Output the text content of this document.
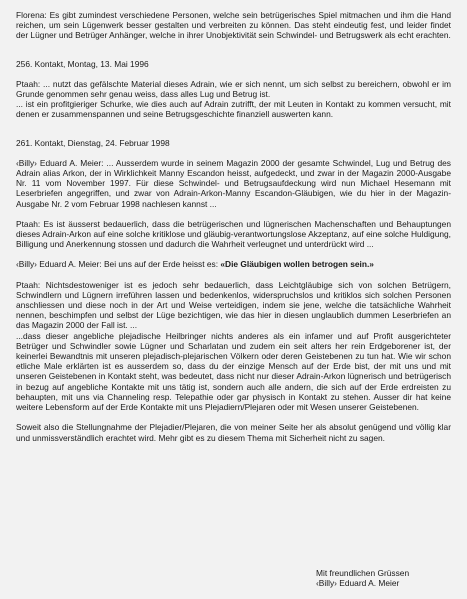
Florena: Es gibt zumindest verschiedene Personen, welche sein betrügerisches Spiel mitmachen und ihm die Hand reichen, um sein Lügenwerk besser gestalten und verbreiten zu können. Das steht eindeutig fest, und leider findet der Lügner und Betrüger Anhänger, welche in ihrer Unobjektivität sein Schwindel- und Betrugswerk als echt erachten.

256. Kontakt, Montag, 13. Mai 1996

Ptaah: ... nutzt das gefälschte Material dieses Adrain, wie er sich nennt, um sich selbst zu bereichern, obwohl er im Grunde genommen sehr genau weiss, dass alles Lug und Betrug ist.

... ist ein profitgieriger Schurke, wie dies auch auf Adrain zutrifft, der mit Leuten in Kontakt zu kommen versucht, mit denen er zusammenspannen und seine Betrugsgeschichte finanziell auswerten kann.

261. Kontakt, Dienstag, 24. Februar 1998

‹Billy› Eduard A. Meier: ... Ausserdem wurde in seinem Magazin 2000 der gesamte Schwindel, Lug und Betrug des Adrain alias Arkon, der in Wirklichkeit Manny Escandon heisst, aufgedeckt, und zwar in der Magazin 2000-Ausgabe Nr. 11 vom November 1997. Für diese Schwindel- und Betrugsaufdeckung wird nun Michael Hesemann mit Leserbriefen angegriffen, und zwar von Adrain-Arkon-Manny Escandon-Gläubigen, wie du hier in der Magazin-Ausgabe Nr. 2 vom Februar 1998 nachlesen kannst ...

Ptaah: Es ist äusserst bedauerlich, dass die betrügerischen und lügnerischen Machenschaften und Behauptungen dieses Adrain-Arkon auf eine solche kritiklose und gläubig-verantwortungslose Akzeptanz, auf eine solche Huldigung, Billigung und Anerkennung stossen und dadurch die Wahrheit verleugnet und unterdrückt wird ...

‹Billy› Eduard A. Meier: Bei uns auf der Erde heisst es: «Die Gläubigen wollen betrogen sein.»

Ptaah: Nichtsdestoweniger ist es jedoch sehr bedauerlich, dass Leichtgläubige sich von solchen Betrügern, Schwindlern und Lügnern irreführen lassen und bedenkenlos, widerspruchslos und kritiklos sich solchen Personen anschliessen und diese noch in der Art und Weise verteidigen, indem sie jene, welche die tatsächliche Wahrheit nennen, beschimpfen und selbst der Lüge bezichtigen, wie das hier in diesen unglaublich dummen Leserbriefen an das Magazin 2000 der Fall ist. ...

...dass dieser angebliche plejadische Heilbringer nichts anderes als ein infamer und auf Profit ausgerichteter Betrüger und Schwindler sowie Lügner und Scharlatan und zudem ein seit alters her rein Erdgeborener ist, der keinerlei Bewandtnis mit unseren plejadisch-plejarischen Völkern oder deren Geistebenen zu tun hat. Wie wir schon etliche Male erklärten ist es ausserdem so, dass du der einzige Mensch auf der Erde bist, der mit uns und mit unseren Geistebenen in Kontakt steht, was bedeutet, dass nicht nur dieser Adrain-Arkon lügnerisch und betrügerisch in bezug auf angebliche Kontakte mit uns tätig ist, sondern auch alle andern, die sich auf der Erde erdreisten zu behaupten, mit uns via Channeling resp. Telepathie oder gar physisch in Kontakt zu stehen. Ausser dir hat keine weitere Lebensform auf der Erde Kontakte mit uns Plejadiern/Plejaren oder mit Wesen unserer Geistebenen.

Soweit also die Stellungnahme der Plejadier/Plejaren, die von meiner Seite her als absolut genügend und völlig klar und unmissverständlich erachtet wird. Mehr gibt es zu diesem Thema mit Sicherheit nicht zu sagen.

Mit freundlichen Grüssen
‹Billy› Eduard A. Meier
